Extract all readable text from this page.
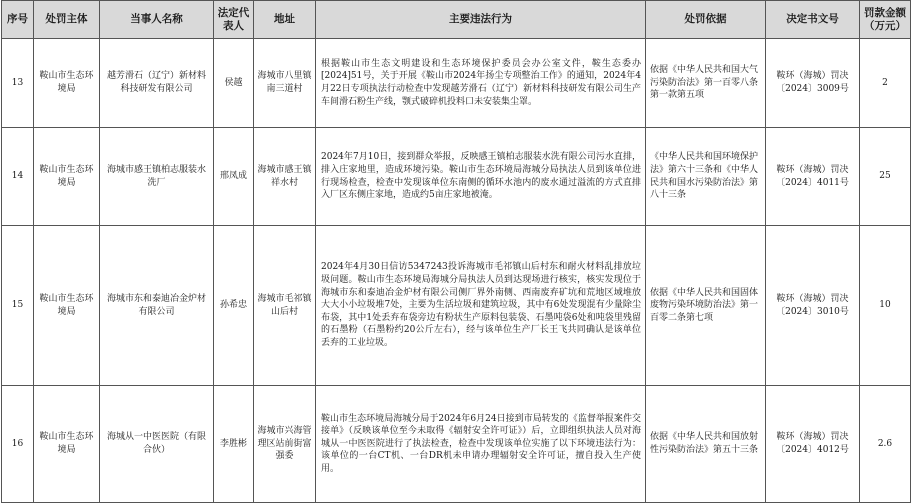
序号	处罚主体	当事人名称	法定代表人	地址	主要违法行为	处罚依据	决定书文号	罚款金额（万元）
13	鞍山市生态环境局	越芳滑石（辽宁）新材料科技研发有限公司	侯越	海城市八里镇南三道村	根据鞍山市生态文明建设和生态环境保护委员会办公室文件，鞍生态委办[2024]51号，关于开展《鞍山市2024年扬尘专项整治工作》的通知，2024年4月22日专项执法行动检查中发现越芳滑石（辽宁）新材料科技研发有限公司生产车间滑石粉生产线，颚式破碎机投料口未安装集尘罩。	依据《中华人民共和国大气污染防治法》第一百零八条第一款第五项	鞍环（海城）罚决〔2024〕3009号	2
14	鞍山市生态环境局	海城市感王镇柏志服装水洗厂	邢凤成	海城市感王镇祥水村	2024年7月10日，接到群众举报，反映感王镇柏志服装水洗有限公司污水直排，排入庄家地里，造成环境污染。鞍山市生态环境局海城分局执法人员到该单位进行现场检查，检查中发现该单位东南侧的循环水池内的废水通过溢流的方式直排入厂区东侧庄家地，造成约5亩庄家地被淹。	《中华人民共和国环境保护法》第六十三条和《中华人民共和国水污染防治法》第八十三条	鞍环（海城）罚决〔2024〕4011号	25
15	鞍山市生态环境局	海城市东和泰迪冶金炉材有限公司	孙希忠	海城市毛祁镇山后村	2024年4月30日信访5347243投诉海城市毛祁镇山后村东和耐火材料乱排放垃圾问题。鞍山市生态环境局海城分局执法人员到达现场进行核实，核实发现位于海城市东和泰迪冶金炉材有限公司侧厂界外南侧、西南废弃矿坑和荒地区域堆放大大小小垃圾堆7处，主要为生活垃圾和建筑垃圾，其中有6处发现混有少量除尘布袋，其中1处丢弃布袋旁边有粉状生产原料包装袋、石墨吨袋6处和吨袋里残留的石墨粉（石墨粉约20公斤左右），经与该单位生产厂长王飞共同确认是该单位丢弃的工业垃圾。	依据《中华人民共和国固体废物污染环境防治法》第一百零二条第七项	鞍环（海城）罚决〔2024〕3010号	10
16	鞍山市生态环境局	海城从一中医医院（有限合伙）	李胜彬	海城市兴海管理区站前街富强委	鞍山市生态环境局海城分局于2024年6月24日接到市局转发的《监督举报案件交接单》（反映该单位至今未取得《辐射安全许可证》）后，立即组织执法人员对海城从一中医医院进行了执法检查，检查中发现该单位实施了以下环境违法行为：该单位的一台CT机、一台DR机未申请办理辐射安全许可证，擅自投入生产使用。	依据《中华人民共和国放射性污染防治法》第五十三条	鞍环（海城）罚决〔2024〕4012号	2.6
